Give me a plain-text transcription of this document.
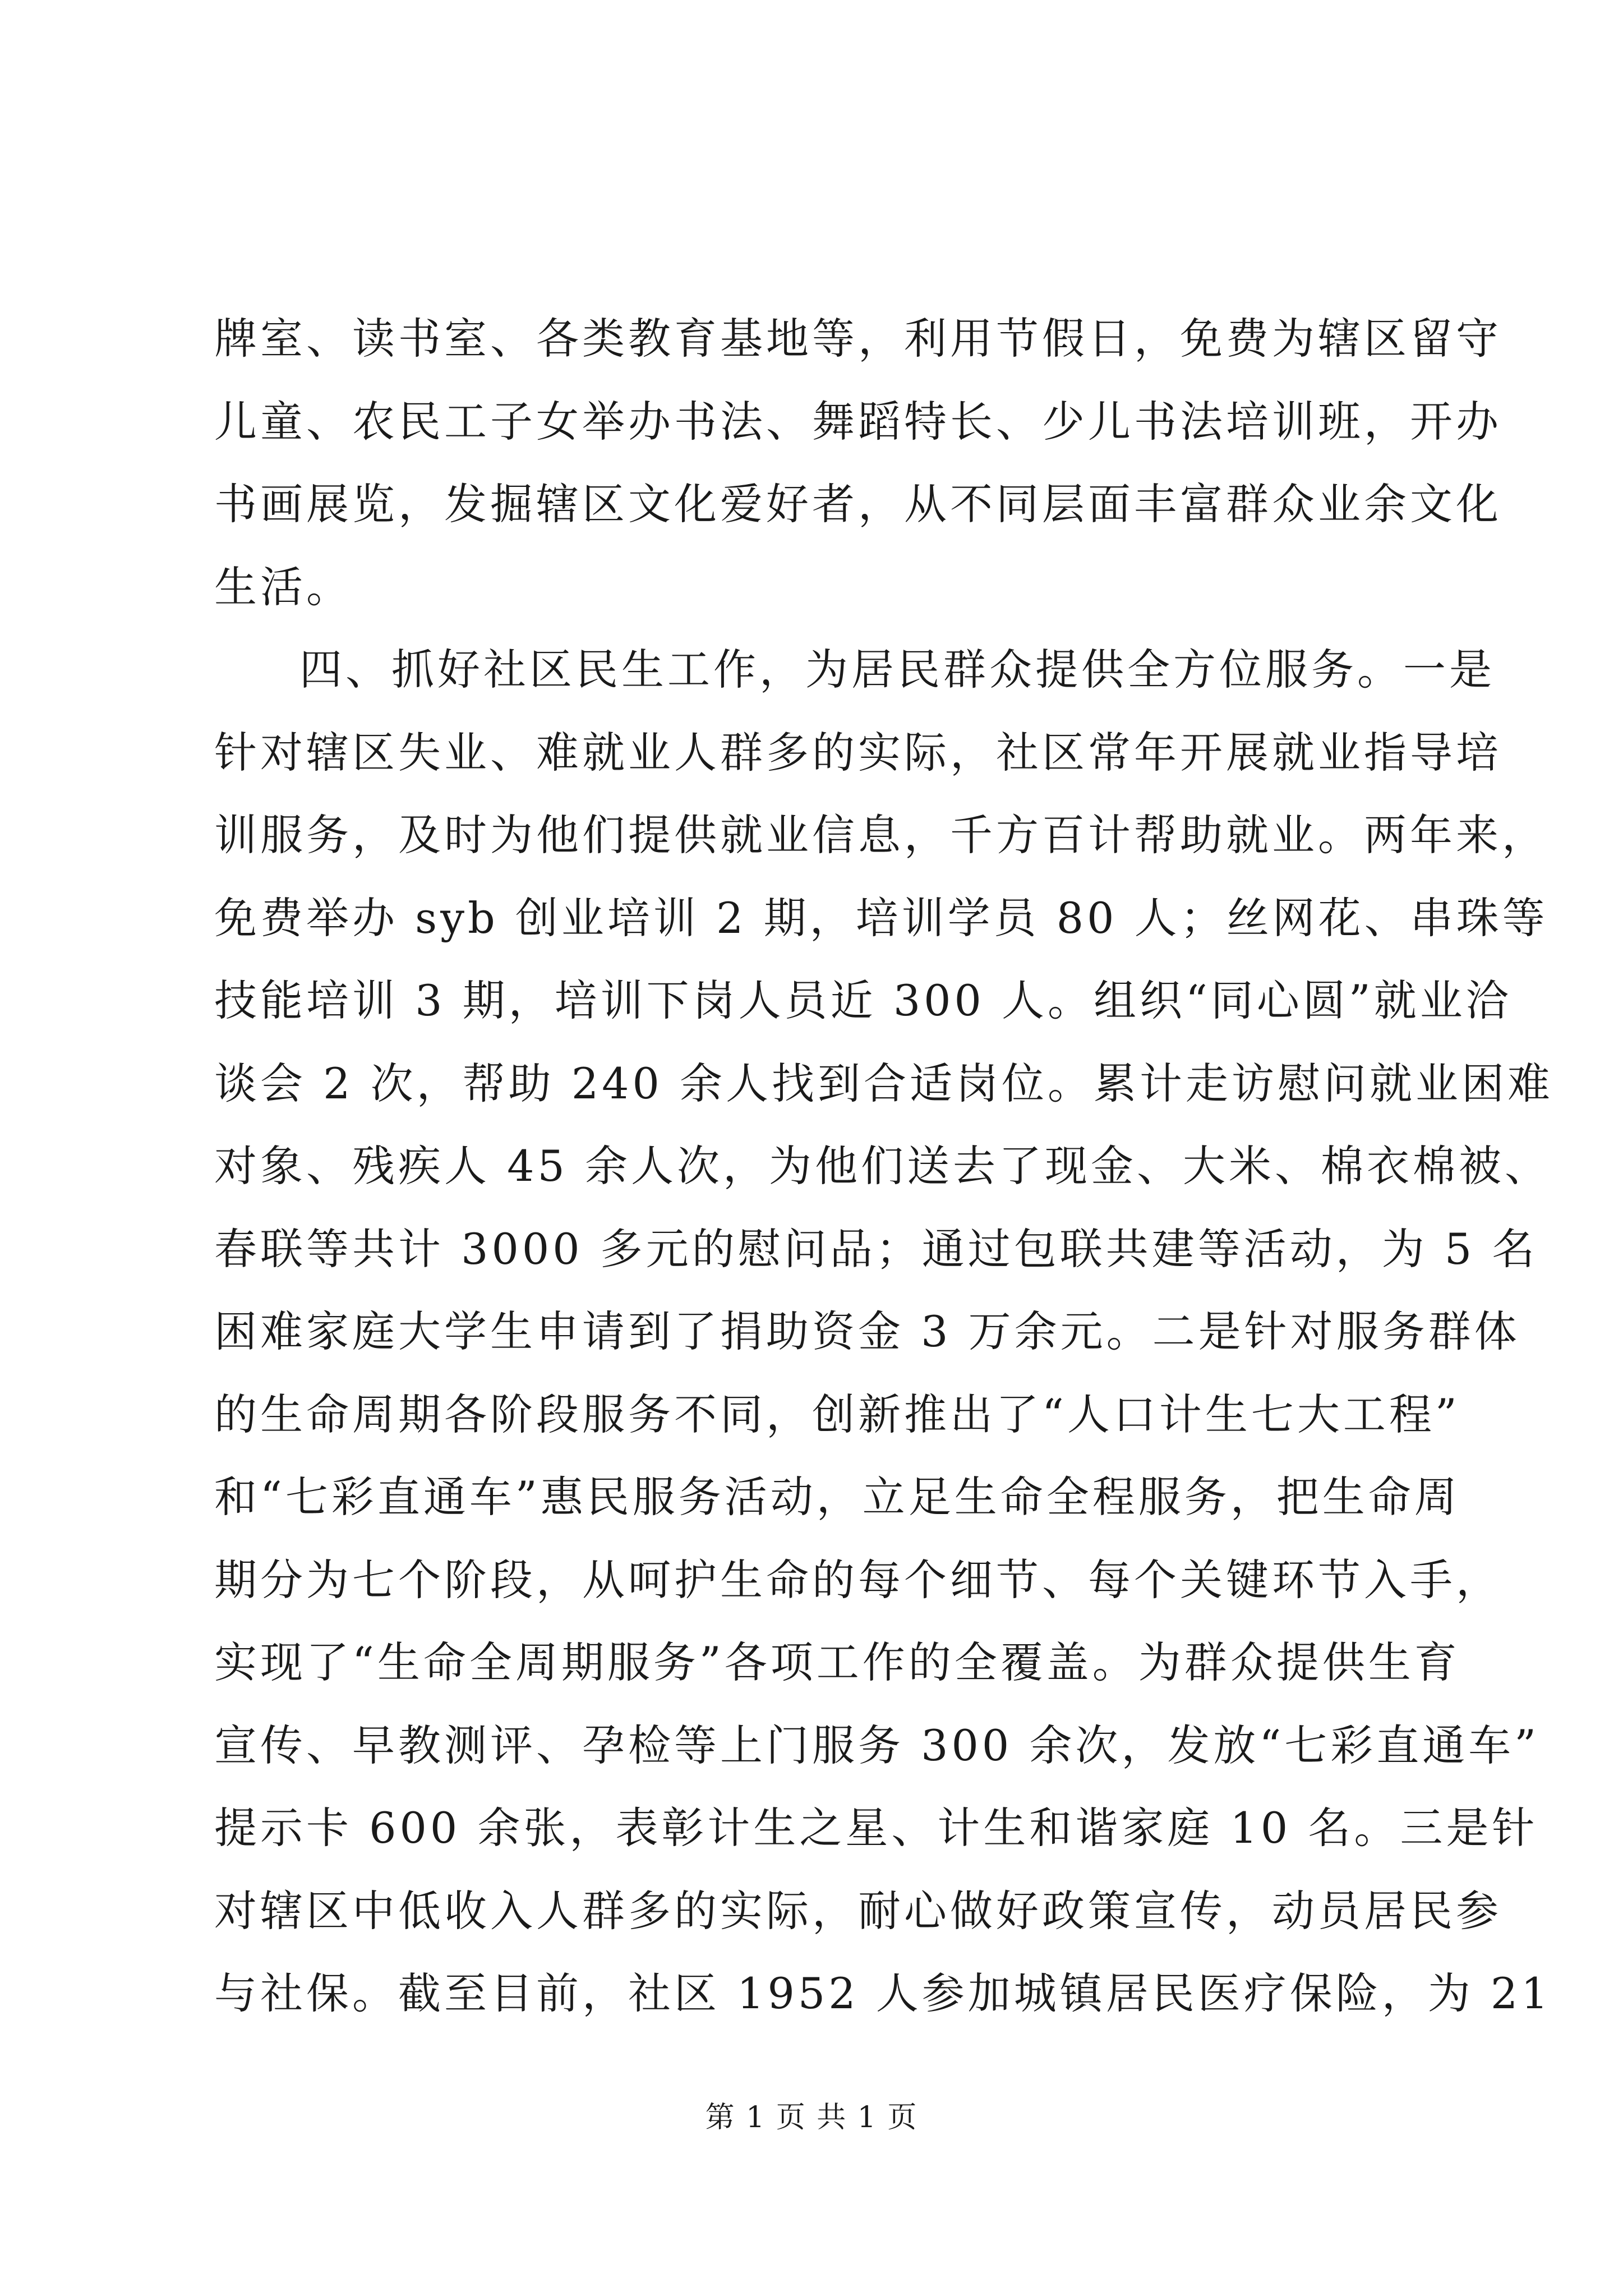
牌室、读书室、各类教育基地等，利用节假日，免费为辖区留守
儿童、农民工子女举办书法、舞蹈特长、少儿书法培训班，开办
书画展览，发掘辖区文化爱好者，从不同层面丰富群众业余文化
生活。
四、抓好社区民生工作，为居民群众提供全方位服务。一是
针对辖区失业、难就业人群多的实际，社区常年开展就业指导培
训服务，及时为他们提供就业信息，千方百计帮助就业。两年来，
免费举办 syb 创业培训 2 期，培训学员 80 人；丝网花、串珠等
技能培训 3 期，培训下岗人员近 300 人。组织“同心圆”就业洽
谈会 2 次，帮助 240 余人找到合适岗位。累计走访慰问就业困难
对象、残疾人 45 余人次，为他们送去了现金、大米、棉衣棉被、
春联等共计 3000 多元的慰问品；通过包联共建等活动，为 5 名
困难家庭大学生申请到了捐助资金 3 万余元。二是针对服务群体
的生命周期各阶段服务不同，创新推出了“人口计生七大工程”
和“七彩直通车”惠民服务活动，立足生命全程服务，把生命周
期分为七个阶段，从呵护生命的每个细节、每个关键环节入手，
实现了“生命全周期服务”各项工作的全覆盖。为群众提供生育
宣传、早教测评、孕检等上门服务 300 余次，发放“七彩直通车”
提示卡 600 余张，表彰计生之星、计生和谐家庭 10 名。三是针
对辖区中低收入人群多的实际，耐心做好政策宣传，动员居民参
与社保。截至目前，社区 1952 人参加城镇居民医疗保险，为 21
第 1 页 共 1 页
